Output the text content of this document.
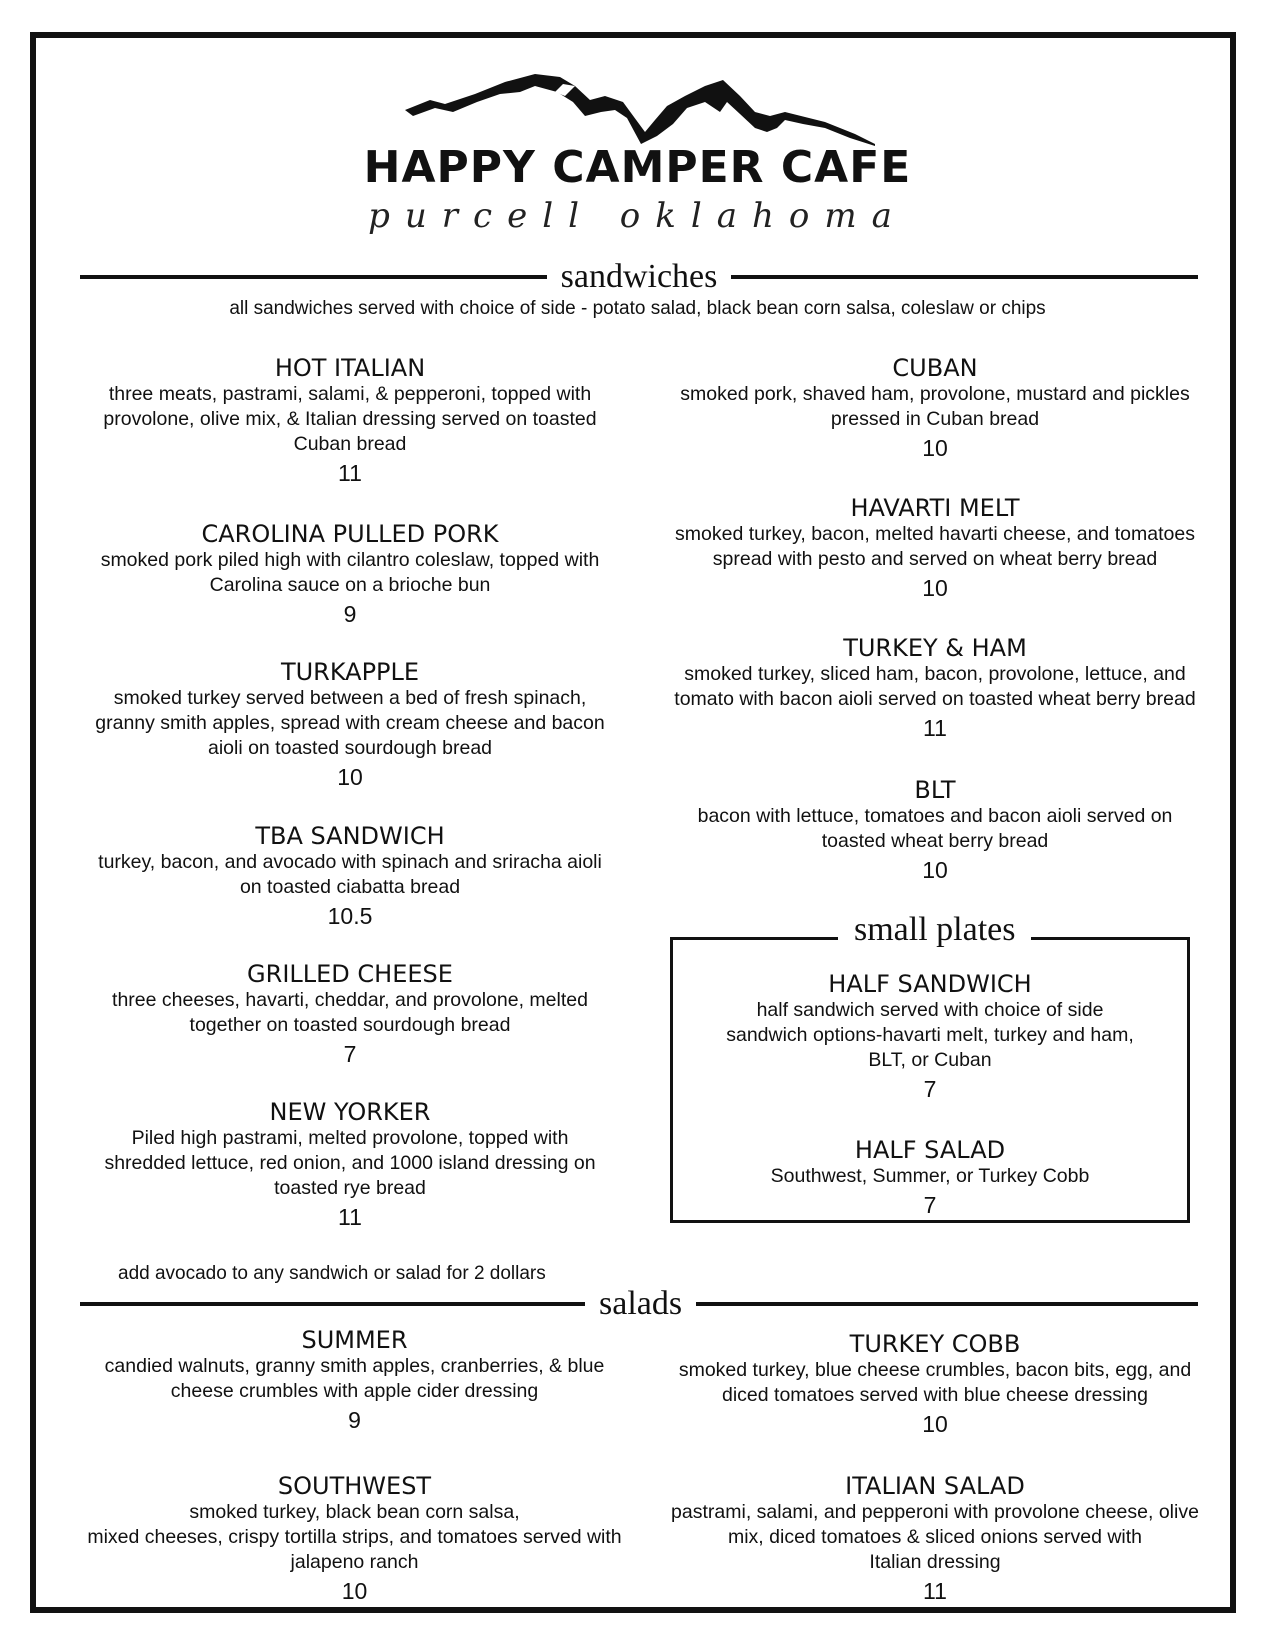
HAPPY CAMPER CAFE
purcell oklahoma
sandwiches
all sandwiches served with choice of side - potato salad, black bean corn salsa, coleslaw or chips
HOT ITALIAN
three meats, pastrami, salami, & pepperoni, topped with
provolone, olive mix, & Italian dressing served on toasted
Cuban bread
11
CAROLINA PULLED PORK
smoked pork piled high with cilantro coleslaw, topped with
Carolina sauce on a brioche bun
9
TURKAPPLE
smoked turkey served between a bed of fresh spinach,
granny smith apples, spread with cream cheese and bacon
aioli on toasted sourdough bread
10
TBA SANDWICH
turkey, bacon, and avocado with spinach and sriracha aioli
on toasted ciabatta bread
10.5
GRILLED CHEESE
three cheeses, havarti, cheddar, and provolone, melted
together on toasted sourdough bread
7
NEW YORKER
Piled high pastrami, melted provolone, topped with
shredded lettuce, red onion, and 1000 island dressing on
toasted rye bread
11
CUBAN
smoked pork, shaved ham, provolone, mustard and pickles
pressed in Cuban bread
10
HAVARTI MELT
smoked turkey, bacon, melted havarti cheese, and tomatoes
spread with pesto and served on wheat berry bread
10
TURKEY & HAM
smoked turkey, sliced ham, bacon, provolone, lettuce, and
tomato with bacon aioli served on toasted wheat berry bread
11
BLT
bacon with lettuce, tomatoes and bacon aioli served on
toasted wheat berry bread
10
small plates
HALF SANDWICH
half sandwich served with choice of side
sandwich options-havarti melt, turkey and ham,
BLT, or Cuban
7
HALF SALAD
Southwest, Summer, or Turkey Cobb
7
add avocado to any sandwich or salad for 2 dollars
salads
SUMMER
candied walnuts, granny smith apples, cranberries, & blue
cheese crumbles with apple cider dressing
9
SOUTHWEST
smoked turkey, black bean corn salsa,
mixed cheeses, crispy tortilla strips, and tomatoes served with
jalapeno ranch
10
TURKEY COBB
smoked turkey, blue cheese crumbles, bacon bits, egg, and
diced tomatoes served with blue cheese dressing
10
ITALIAN SALAD
pastrami, salami, and pepperoni with provolone cheese, olive
mix, diced tomatoes & sliced onions served with
Italian dressing
11
